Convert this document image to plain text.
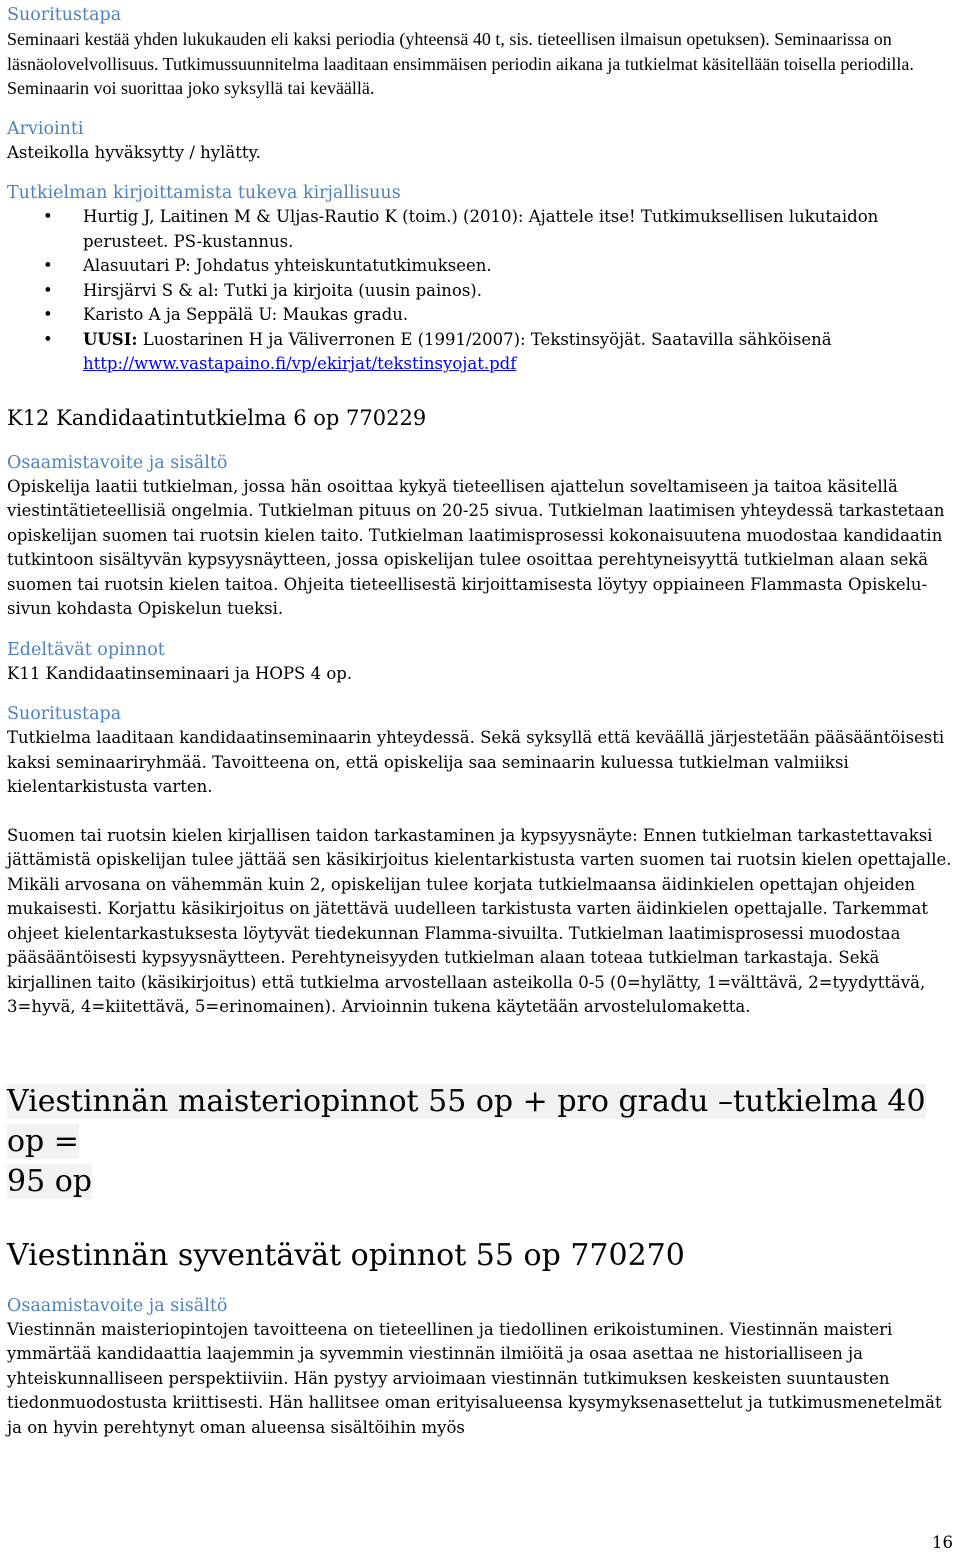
Suoritustapa

Seminaari kestää yhden lukukauden eli kaksi periodia (yhteensä 40 t, sis. tieteellisen ilmaisun opetuksen). Seminaarissa on läsnäolovelvollisuus. Tutkimussuunnitelma laaditaan ensimmäisen periodin aikana ja tutkielmat käsitellään toisella periodilla. Seminaarin voi suorittaa joko syksyllä tai keväällä.

Arviointi

Asteikolla hyväksytty / hylätty.

Tutkielman kirjoittamista tukeva kirjallisuus
• Hurtig J, Laitinen M & Uljas-Rautio K (toim.) (2010): Ajattele itse! Tutkimuksellisen lukutaidon perusteet. PS-kustannus.
• Alasuutari P: Johdatus yhteiskuntatutkimukseen.
• Hirsjärvi S & al: Tutki ja kirjoita (uusin painos).
• Karisto A ja Seppälä U: Maukas gradu.
• UUSI: Luostarinen H ja Väliverronen E (1991/2007): Tekstinsyöjät. Saatavilla sähköisenä http://www.vastapaino.fi/vp/ekirjat/tekstinsyojat.pdf
K12 Kandidaatintutkielma 6 op 770229
Osaamistavoite ja sisältö

Opiskelija laatii tutkielman, jossa hän osoittaa kykyä tieteellisen ajattelun soveltamiseen ja taitoa käsitellä viestintätieteellisiä ongelmia. Tutkielman pituus on 20-25 sivua. Tutkielman laatimisen yhteydessä tarkastetaan opiskelijan suomen tai ruotsin kielen taito. Tutkielman laatimisprosessi kokonaisuutena muodostaa kandidaatin tutkintoon sisältyvän kypsyysnäytteen, jossa opiskelijan tulee osoittaa perehtyneisyyttä tutkielman alaan sekä suomen tai ruotsin kielen taitoa. Ohjeita tieteellisestä kirjoittamisesta löytyy oppiaineen Flammasta Opiskelu-sivun kohdasta Opiskelun tueksi.

Edeltävät opinnot

K11 Kandidaatinseminaari ja HOPS 4 op.

Suoritustapa

Tutkielma laaditaan kandidaatinseminaarin yhteydessä. Sekä syksyllä että keväällä järjestetään pääsääntöisesti kaksi seminaariryhmää. Tavoitteena on, että opiskelija saa seminaarin kuluessa tutkielman valmiiksi kielentarkistusta varten.

Suomen tai ruotsin kielen kirjallisen taidon tarkastaminen ja kypsyysnäyte: Ennen tutkielman tarkastettavaksi jättämistä opiskelijan tulee jättää sen käsikirjoitus kielentarkistusta varten suomen tai ruotsin kielen opettajalle. Mikäli arvosana on vähemmän kuin 2, opiskelijan tulee korjata tutkielmaansa äidinkielen opettajan ohjeiden mukaisesti. Korjattu käsikirjoitus on jätettävä uudelleen tarkistusta varten äidinkielen opettajalle. Tarkemmat ohjeet kielentarkastuksesta löytyvät tiedekunnan Flamma-sivuilta. Tutkielman laatimisprosessi muodostaa pääsääntöisesti kypsyysnäytteen. Perehtyneisyyden tutkielman alaan toteaa tutkielman tarkastaja. Sekä kirjallinen taito (käsikirjoitus) että tutkielma arvostellaan asteikolla 0-5 (0=hylätty, 1=välttävä, 2=tyydyttävä, 3=hyvä, 4=kiitettävä, 5=erinomainen). Arvioinnin tukena käytetään arvostelulomaketta.

Viestinnän maisteriopinnot 55 op + pro gradu –tutkielma 40 op =
95 op
Viestinnän syventävät opinnot 55 op 770270
Osaamistavoite ja sisältö

Viestinnän maisteriopintojen tavoitteena on tieteellinen ja tiedollinen erikoistuminen. Viestinnän maisteri ymmärtää kandidaattia laajemmin ja syvemmin viestinnän ilmiöitä ja osaa asettaa ne historialliseen ja yhteiskunnalliseen perspektiiviin. Hän pystyy arvioimaan viestinnän tutkimuksen keskeisten suuntausten tiedonmuodostusta kriittisesti. Hän hallitsee oman erityisalueensa kysymyksenasettelut ja tutkimusmenetelmät ja on hyvin perehtynyt oman alueensa sisältöihin myös

16
